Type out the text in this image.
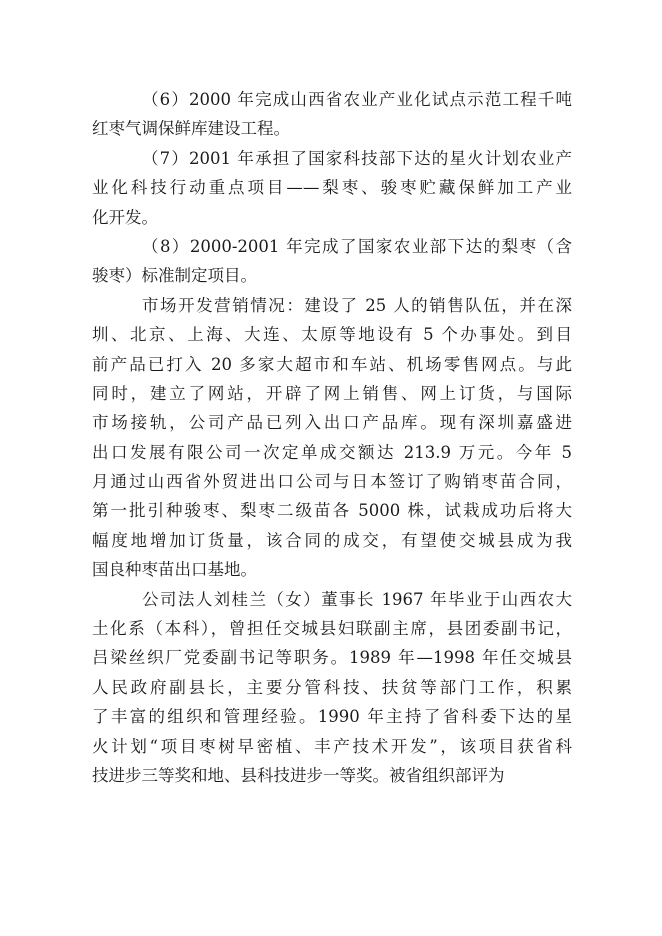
（6）2000 年完成山西省农业产业化试点示范工程千吨
红枣气调保鲜库建设工程。
（7）2001 年承担了国家科技部下达的星火计划农业产
业化科技行动重点项目——梨枣、骏枣贮藏保鲜加工产业
化开发。
（8）2000-2001 年完成了国家农业部下达的梨枣（含
骏枣）标准制定项目。
市场开发营销情况：建设了 25 人的销售队伍，并在深
圳、北京、上海、大连、太原等地设有 5 个办事处。到目
前产品已打入 20 多家大超市和车站、机场零售网点。与此
同时，建立了网站，开辟了网上销售、网上订货，与国际
市场接轨，公司产品已列入出口产品库。现有深圳嘉盛进
出口发展有限公司一次定单成交额达 213.9 万元。今年 5
月通过山西省外贸进出口公司与日本签订了购销枣苗合同，
第一批引种骏枣、梨枣二级苗各 5000 株，试栽成功后将大
幅度地增加订货量，该合同的成交，有望使交城县成为我
国良种枣苗出口基地。
公司法人刘桂兰（女）董事长 1967 年毕业于山西农大
土化系（本科），曾担任交城县妇联副主席，县团委副书记，
吕梁丝织厂党委副书记等职务。1989 年—1998 年任交城县
人民政府副县长，主要分管科技、扶贫等部门工作，积累
了丰富的组织和管理经验。1990 年主持了省科委下达的星
火计划“项目枣树早密植、丰产技术开发”，该项目获省科
技进步三等奖和地、县科技进步一等奖。被省组织部评为
